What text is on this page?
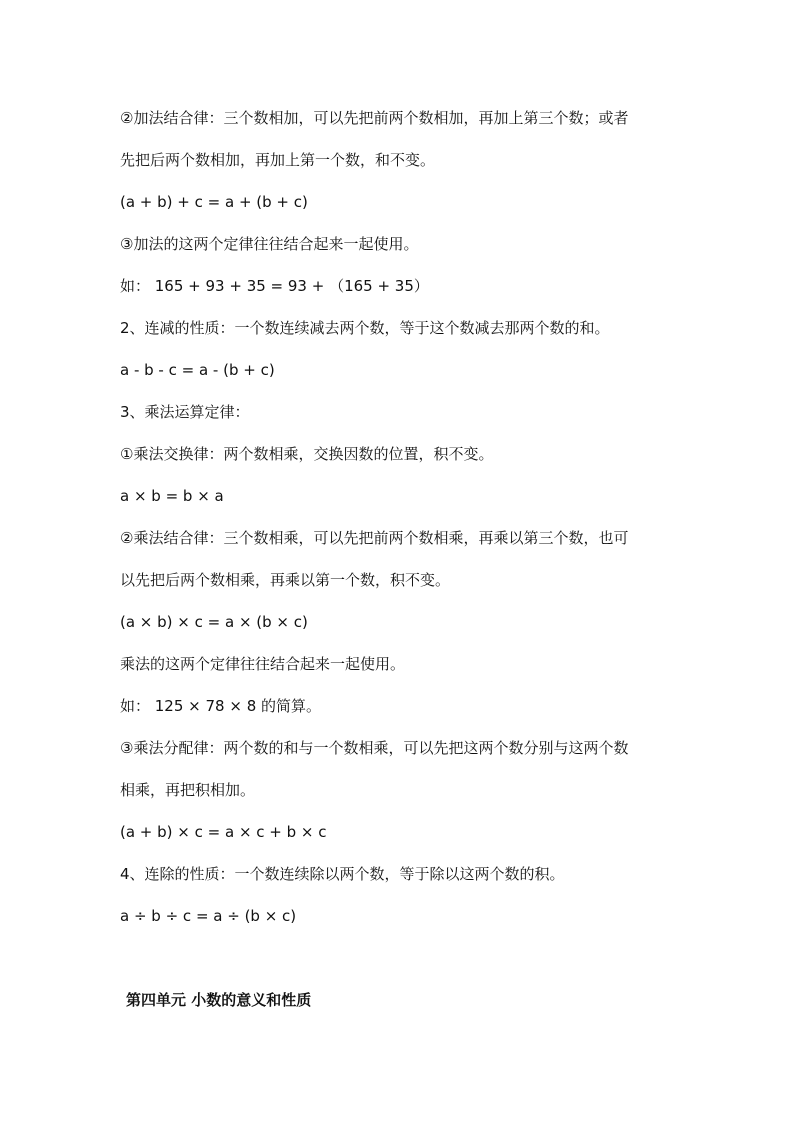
②加法结合律：三个数相加，可以先把前两个数相加，再加上第三个数；或者
先把后两个数相加，再加上第一个数，和不变。
(a + b) + c = a + (b + c)
③加法的这两个定律往往结合起来一起使用。
如： 165 + 93 + 35 = 93 + （165 + 35）
2、连减的性质：一个数连续减去两个数，等于这个数减去那两个数的和。
a - b - c = a - (b + c)
3、乘法运算定律：
①乘法交换律：两个数相乘，交换因数的位置，积不变。
a × b = b × a
②乘法结合律：三个数相乘，可以先把前两个数相乘，再乘以第三个数，也可
以先把后两个数相乘，再乘以第一个数，积不变。
(a × b) × c = a × (b × c)
乘法的这两个定律往往结合起来一起使用。
如： 125 × 78 × 8 的简算。
③乘法分配律：两个数的和与一个数相乘，可以先把这两个数分别与这两个数
相乘，再把积相加。
(a + b) × c = a × c + b × c
4、连除的性质：一个数连续除以两个数，等于除以这两个数的积。
a ÷ b ÷ c = a ÷ (b × c)
第四单元 小数的意义和性质
